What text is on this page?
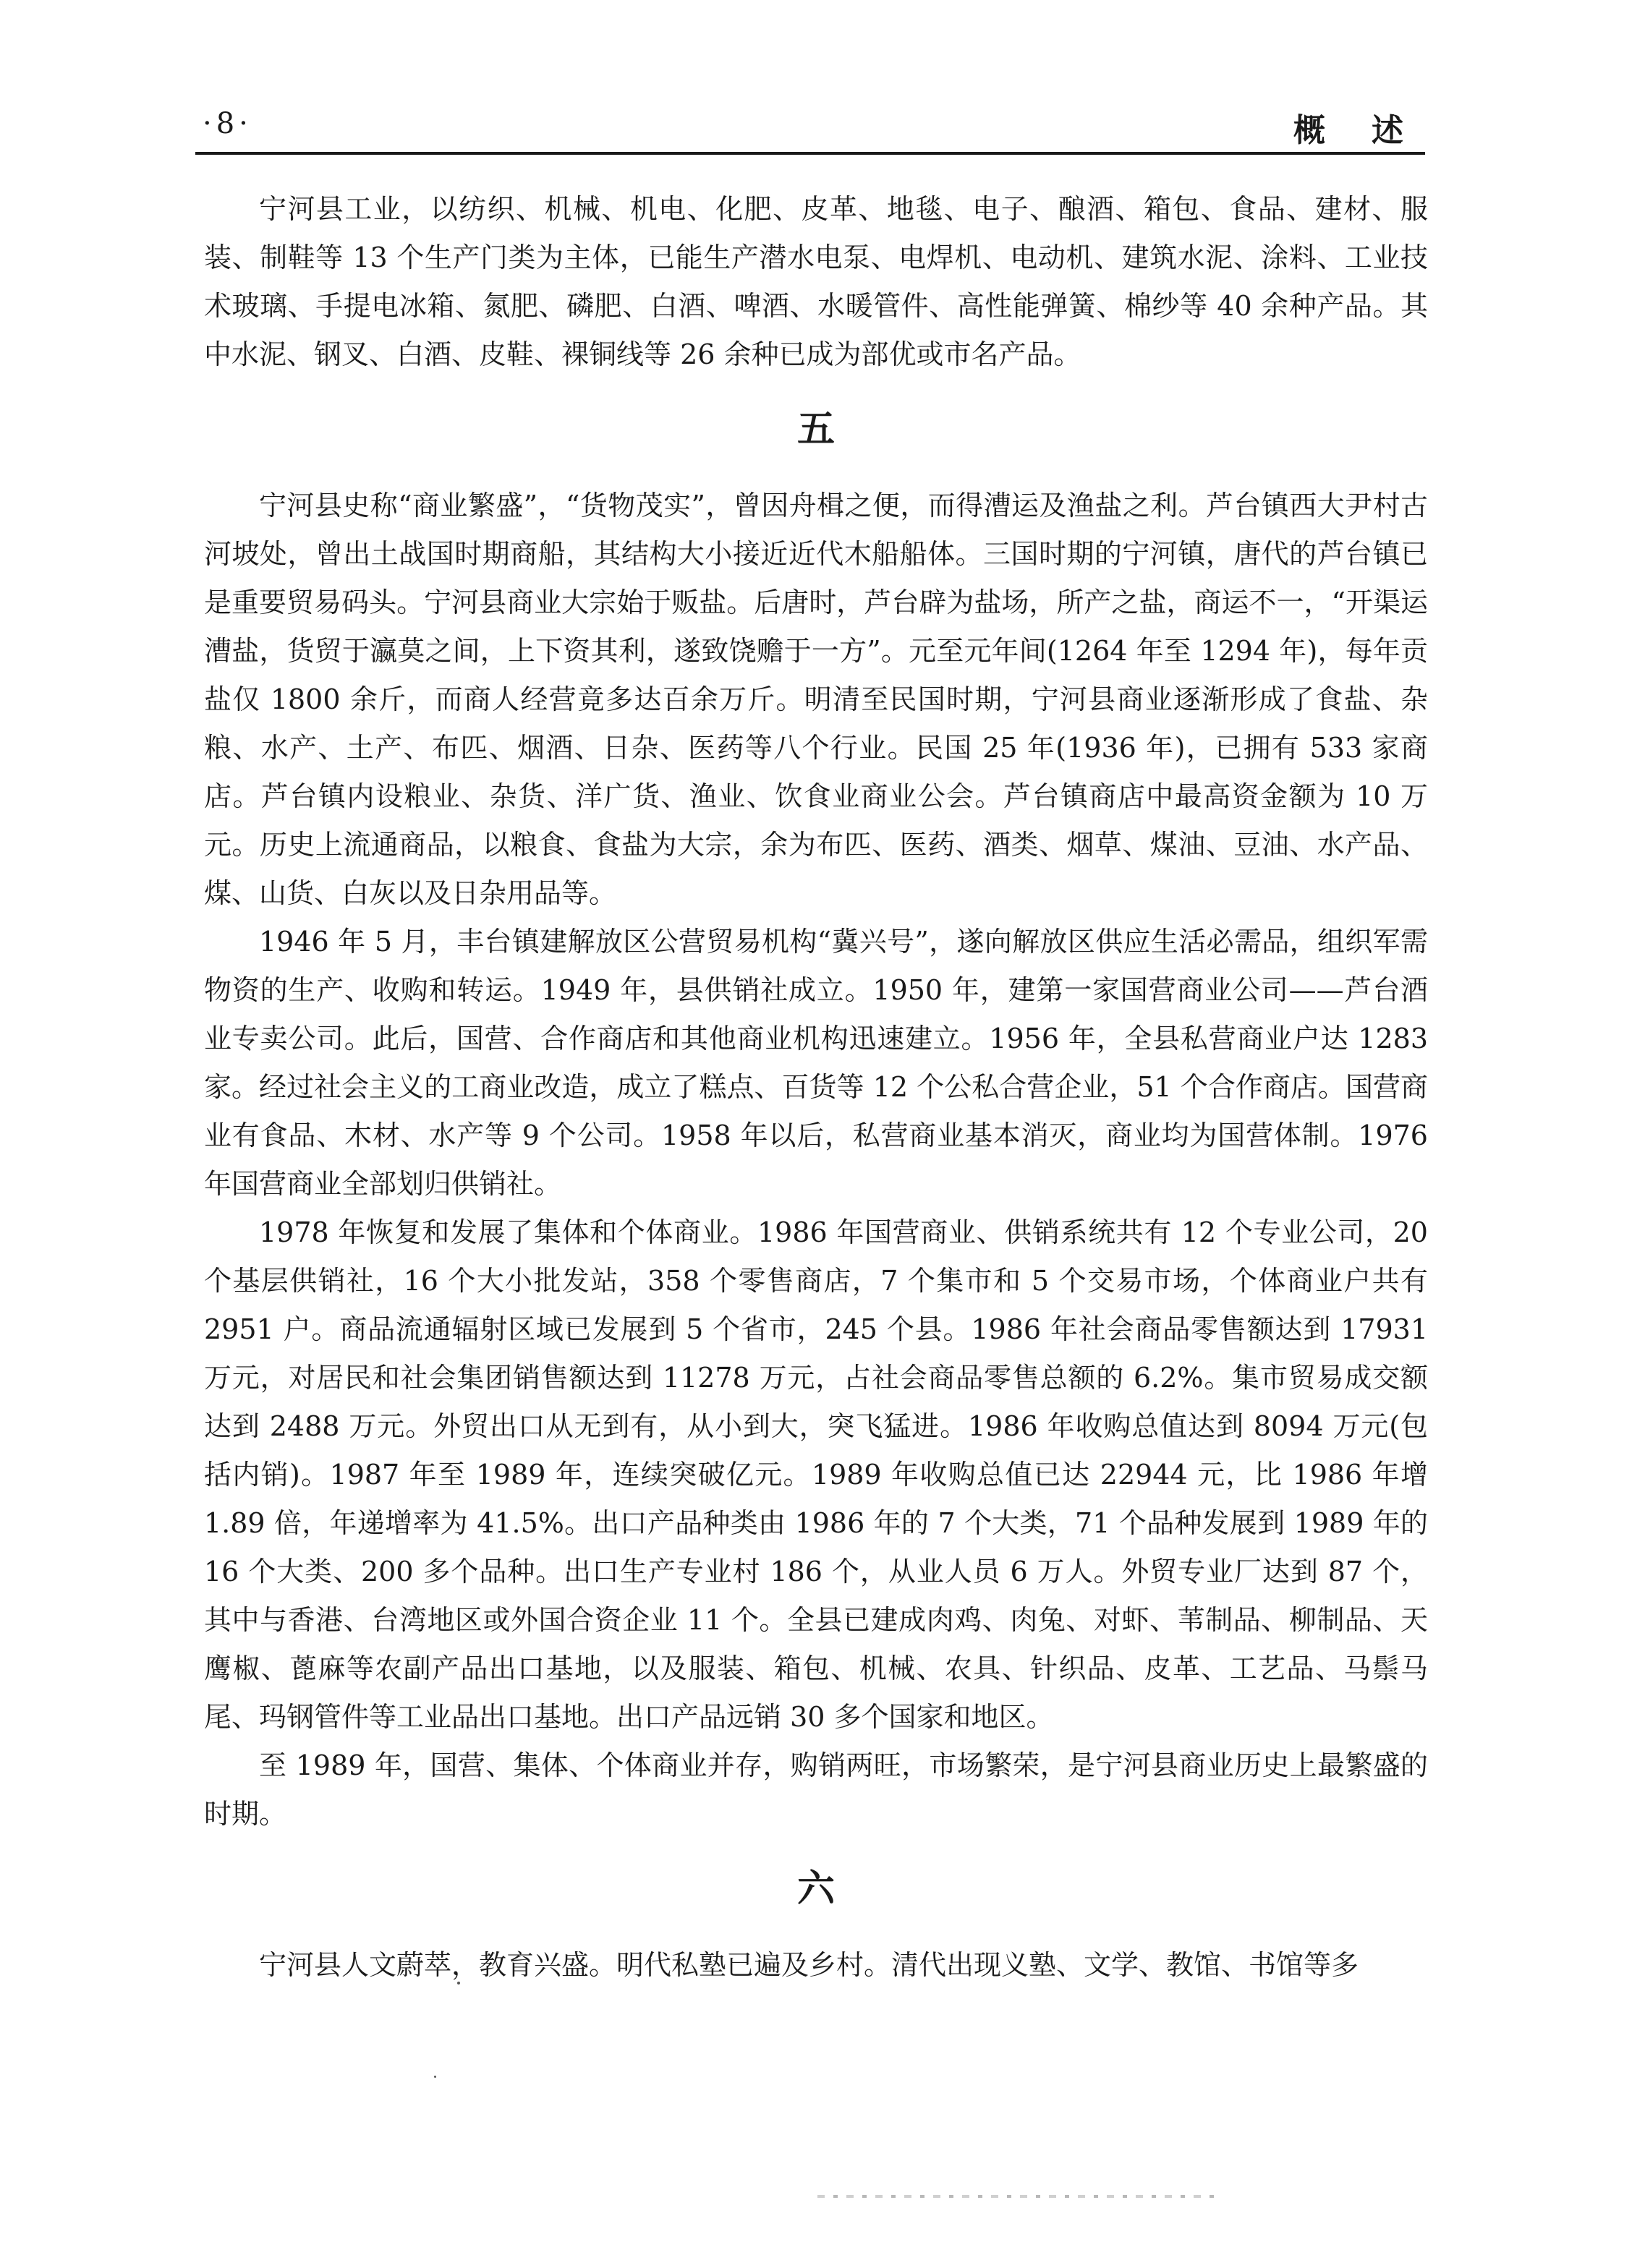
·8·	概述

宁河县工业，以纺织、机械、机电、化肥、皮革、地毯、电子、酿酒、箱包、食品、建材、服装、制鞋等 13 个生产门类为主体，已能生产潜水电泵、电焊机、电动机、建筑水泥、涂料、工业技术玻璃、手提电冰箱、氮肥、磷肥、白酒、啤酒、水暖管件、高性能弹簧、棉纱等 40 余种产品。其中水泥、钢叉、白酒、皮鞋、裸铜线等 26 余种已成为部优或市名产品。

五

宁河县史称“商业繁盛”，“货物茂实”，曾因舟楫之便，而得漕运及渔盐之利。芦台镇西大尹村古河坡处，曾出土战国时期商船，其结构大小接近近代木船船体。三国时期的宁河镇，唐代的芦台镇已是重要贸易码头。宁河县商业大宗始于贩盐。后唐时，芦台辟为盐场，所产之盐，商运不一，“开渠运漕盐，货贸于瀛莫之间，上下资其利，遂致饶赡于一方”。元至元年间(1264 年至 1294 年)，每年贡盐仅 1800 余斤，而商人经营竟多达百余万斤。明清至民国时期，宁河县商业逐渐形成了食盐、杂粮、水产、土产、布匹、烟酒、日杂、医药等八个行业。民国 25 年(1936 年)，已拥有 533 家商店。芦台镇内设粮业、杂货、洋广货、渔业、饮食业商业公会。芦台镇商店中最高资金额为 10 万元。历史上流通商品，以粮食、食盐为大宗，余为布匹、医药、酒类、烟草、煤油、豆油、水产品、煤、山货、白灰以及日杂用品等。

1946 年 5 月，丰台镇建解放区公营贸易机构“冀兴号”，遂向解放区供应生活必需品，组织军需物资的生产、收购和转运。1949 年，县供销社成立。1950 年，建第一家国营商业公司——芦台酒业专卖公司。此后，国营、合作商店和其他商业机构迅速建立。1956 年，全县私营商业户达 1283 家。经过社会主义的工商业改造，成立了糕点、百货等 12 个公私合营企业，51 个合作商店。国营商业有食品、木材、水产等 9 个公司。1958 年以后，私营商业基本消灭，商业均为国营体制。1976 年国营商业全部划归供销社。

1978 年恢复和发展了集体和个体商业。1986 年国营商业、供销系统共有 12 个专业公司，20 个基层供销社，16 个大小批发站，358 个零售商店，7 个集市和 5 个交易市场，个体商业户共有 2951 户。商品流通辐射区域已发展到 5 个省市，245 个县。1986 年社会商品零售额达到 17931 万元，对居民和社会集团销售额达到 11278 万元，占社会商品零售总额的 6.2%。集市贸易成交额达到 2488 万元。外贸出口从无到有，从小到大，突飞猛进。1986 年收购总值达到 8094 万元(包括内销)。1987 年至 1989 年，连续突破亿元。1989 年收购总值已达 22944 元，比 1986 年增 1.89 倍，年递增率为 41.5%。出口产品种类由 1986 年的 7 个大类，71 个品种发展到 1989 年的 16 个大类、200 多个品种。出口生产专业村 186 个，从业人员 6 万人。外贸专业厂达到 87 个，其中与香港、台湾地区或外国合资企业 11 个。全县已建成肉鸡、肉兔、对虾、苇制品、柳制品、天鹰椒、蓖麻等农副产品出口基地，以及服装、箱包、机械、农具、针织品、皮革、工艺品、马鬃马尾、玛钢管件等工业品出口基地。出口产品远销 30 多个国家和地区。

至 1989 年，国营、集体、个体商业并存，购销两旺，市场繁荣，是宁河县商业历史上最繁盛的时期。

六

宁河县人文蔚萃，教育兴盛。明代私塾已遍及乡村。清代出现义塾、文学、教馆、书馆等多
